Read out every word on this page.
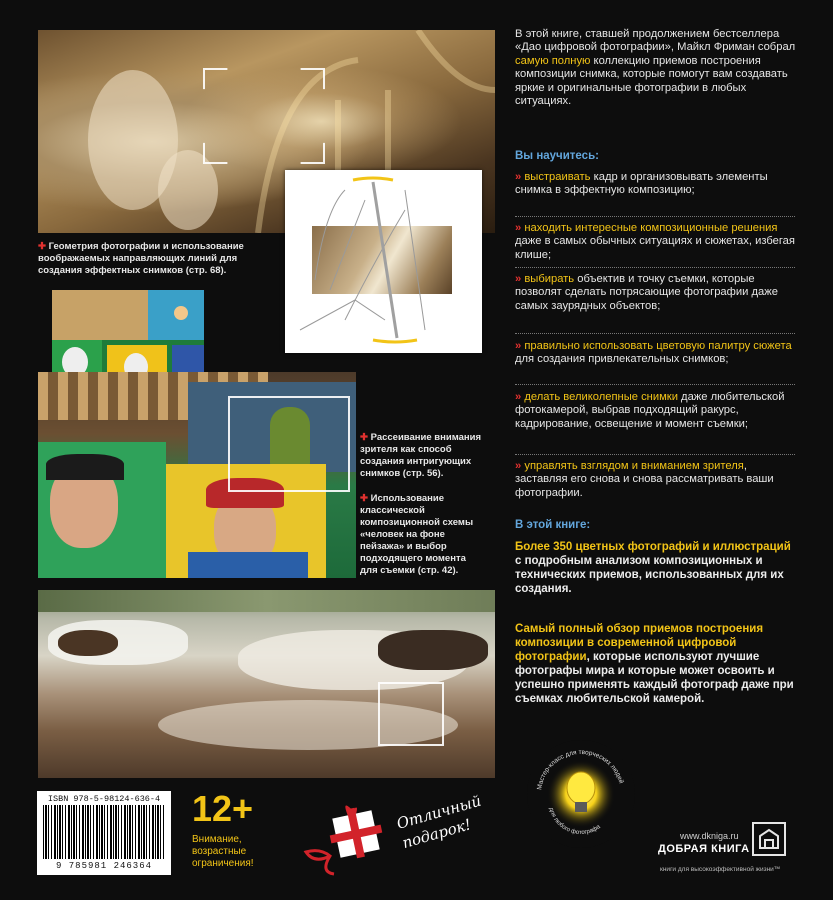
✚ Геометрия фотографии и использование воображаемых направляющих линий для создания эффектных снимков (стр. 68).
✚ Рассеивание внимания зрителя как способ создания интригующих снимков (стр. 56).
✚ Использование классической композиционной схемы «человек на фоне пейзажа» и выбор подходящего момента для съемки (стр. 42).
ISBN 978-5-98124-636-4
9 785981 246364
12+
Внимание, возрастные ограничения!
Отличный подарок!
Мастер-класс для творческих людей
для любого фотографа
www.dkniga.ru
ДОБРАЯ КНИГА
книги для высокоэффективной жизни™
В этой книге, ставшей продолжением бестселлера «Дао цифровой фотографии», Майкл Фриман собрал самую полную коллекцию приемов построения композиции снимка, которые помогут вам создавать яркие и оригинальные фотографии в любых ситуациях.
Вы научитесь:
» выстраивать кадр и организовывать элементы снимка в эффектную композицию;
» находить интересные композиционные решения даже в самых обычных ситуациях и сюжетах, избегая клише;
» выбирать объектив и точку съемки, которые позволят сделать потрясающие фотографии даже самых заурядных объектов;
» правильно использовать цветовую палитру сюжета для создания привлекательных снимков;
» делать великолепные снимки даже любительской фотокамерой, выбрав подходящий ракурс, кадрирование, освещение и момент съемки;
» управлять взглядом и вниманием зрителя, заставляя его снова и снова рассматривать ваши фотографии.
В этой книге:
Более 350 цветных фотографий и иллюстраций с подробным анализом композиционных и технических приемов, использованных для их создания.
Самый полный обзор приемов построения композиции в современной цифровой фотографии, которые используют лучшие фотографы мира и которые может освоить и успешно применять каждый фотограф даже при съемках любительской камерой.
